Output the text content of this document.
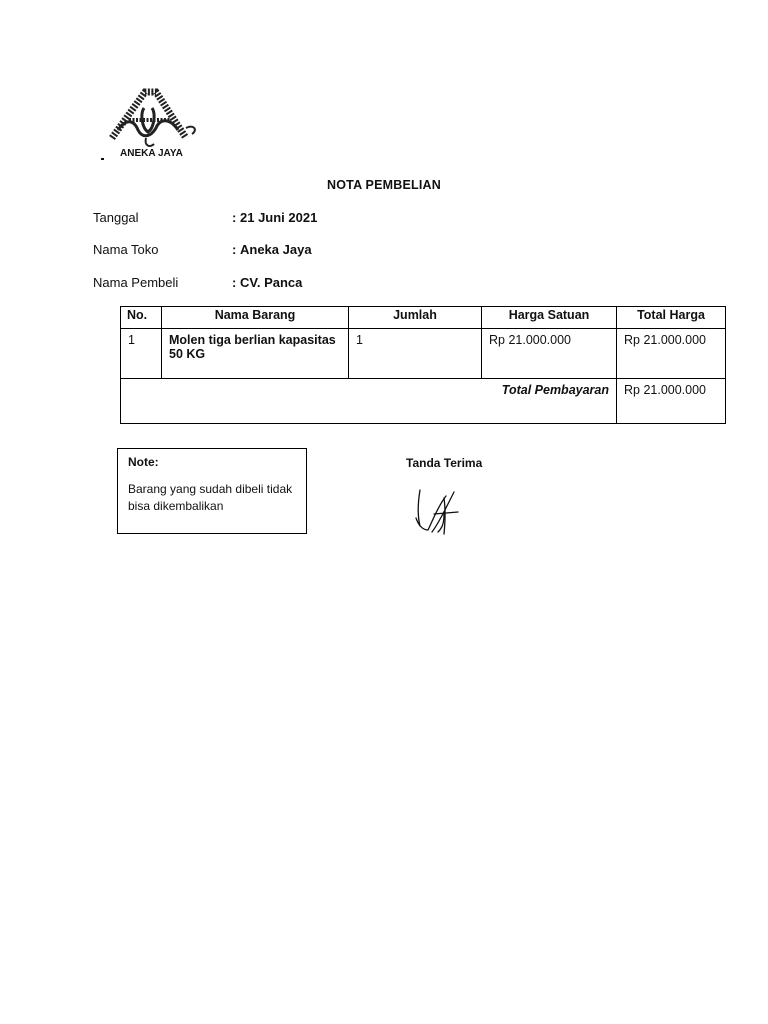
ANEKA JAYA
NOTA PEMBELIAN
Tanggal	: 21 Juni 2021
Nama Toko	: Aneka Jaya
Nama Pembeli	: CV. Panca
No.	Nama Barang	Jumlah	Harga Satuan	Total Harga
1	Molen tiga berlian kapasitas 50 KG	1	Rp 21.000.000	Rp 21.000.000
Total Pembayaran				Rp 21.000.000
Note:
Barang yang sudah dibeli tidak bisa dikembalikan
Tanda Terima
